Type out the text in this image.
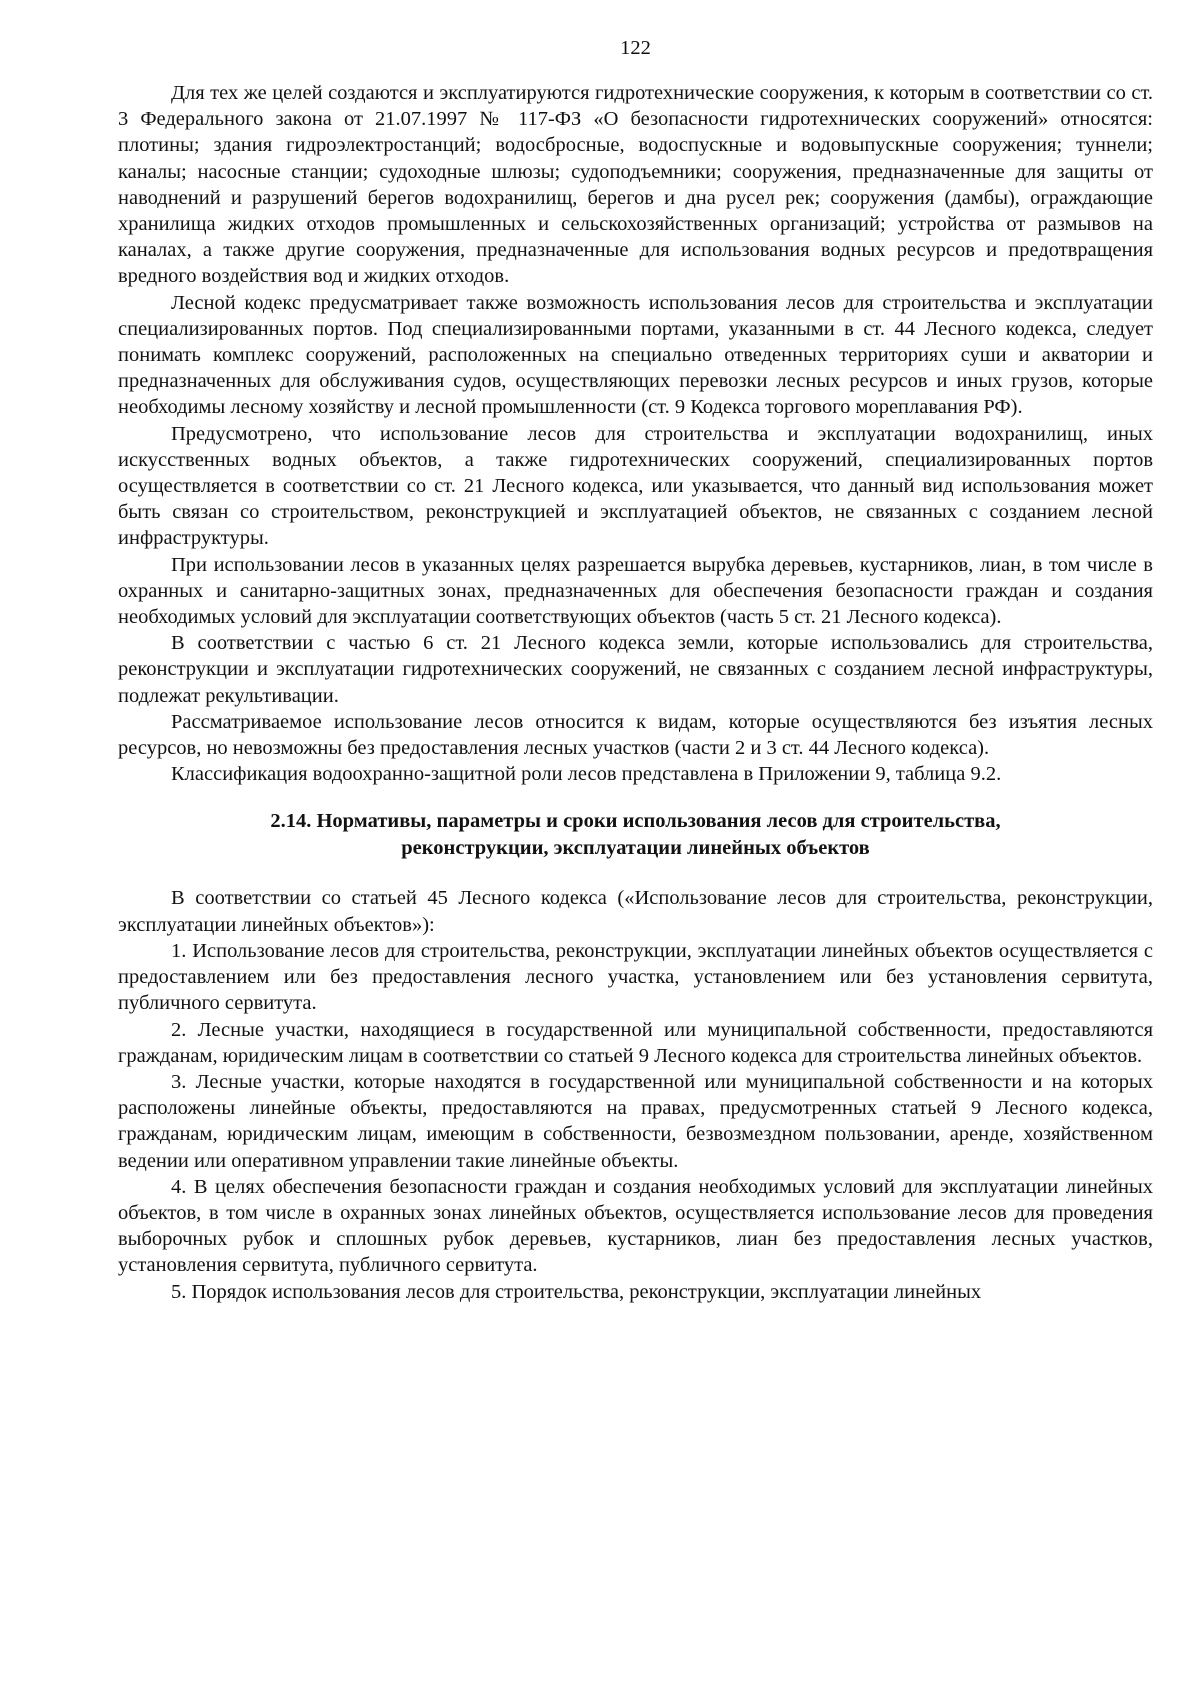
122

Для тех же целей создаются и эксплуатируются гидротехнические сооружения, к которым в соответствии со ст. 3 Федерального закона от 21.07.1997 № 117-ФЗ «О безопасности гидротехнических сооружений» относятся: плотины; здания гидроэлектростанций; водосбросные, водоспускные и водовыпускные сооружения; туннели; каналы; насосные станции; судоходные шлюзы; судоподъемники; сооружения, предназначенные для защиты от наводнений и разрушений берегов водохранилищ, берегов и дна русел рек; сооружения (дамбы), ограждающие хранилища жидких отходов промышленных и сельскохозяйственных организаций; устройства от размывов на каналах, а также другие сооружения, предназначенные для использования водных ресурсов и предотвращения вредного воздействия вод и жидких отходов.

Лесной кодекс предусматривает также возможность использования лесов для строительства и эксплуатации специализированных портов. Под специализированными портами, указанными в ст. 44 Лесного кодекса, следует понимать комплекс сооружений, расположенных на специально отведенных территориях суши и акватории и предназначенных для обслуживания судов, осуществляющих перевозки лесных ресурсов и иных грузов, которые необходимы лесному хозяйству и лесной промышленности (ст. 9 Кодекса торгового мореплавания РФ).

Предусмотрено, что использование лесов для строительства и эксплуатации водохранилищ, иных искусственных водных объектов, а также гидротехнических сооружений, специализированных портов осуществляется в соответствии со ст. 21 Лесного кодекса, или указывается, что данный вид использования может быть связан со строительством, реконструкцией и эксплуатацией объектов, не связанных с созданием лесной инфраструктуры.

При использовании лесов в указанных целях разрешается вырубка деревьев, кустарников, лиан, в том числе в охранных и санитарно-защитных зонах, предназначенных для обеспечения безопасности граждан и создания необходимых условий для эксплуатации соответствующих объектов (часть 5 ст. 21 Лесного кодекса).

В соответствии с частью 6 ст. 21 Лесного кодекса земли, которые использовались для строительства, реконструкции и эксплуатации гидротехнических сооружений, не связанных с созданием лесной инфраструктуры, подлежат рекультивации.

Рассматриваемое использование лесов относится к видам, которые осуществляются без изъятия лесных ресурсов, но невозможны без предоставления лесных участков (части 2 и 3 ст. 44 Лесного кодекса).

Классификация водоохранно-защитной роли лесов представлена в Приложении 9, таблица 9.2.

2.14. Нормативы, параметры и сроки использования лесов для строительства,
реконструкции, эксплуатации линейных объектов

В соответствии со статьей 45 Лесного кодекса («Использование лесов для строительства, реконструкции, эксплуатации линейных объектов»):

1. Использование лесов для строительства, реконструкции, эксплуатации линейных объектов осуществляется с предоставлением или без предоставления лесного участка, установлением или без установления сервитута, публичного сервитута.

2. Лесные участки, находящиеся в государственной или муниципальной собственности, предоставляются гражданам, юридическим лицам в соответствии со статьей 9 Лесного кодекса для строительства линейных объектов.

3. Лесные участки, которые находятся в государственной или муниципальной собственности и на которых расположены линейные объекты, предоставляются на правах, предусмотренных статьей 9 Лесного кодекса, гражданам, юридическим лицам, имеющим в собственности, безвозмездном пользовании, аренде, хозяйственном ведении или оперативном управлении такие линейные объекты.

4. В целях обеспечения безопасности граждан и создания необходимых условий для эксплуатации линейных объектов, в том числе в охранных зонах линейных объектов, осуществляется использование лесов для проведения выборочных рубок и сплошных рубок деревьев, кустарников, лиан без предоставления лесных участков, установления сервитута, публичного сервитута.

5. Порядок использования лесов для строительства, реконструкции, эксплуатации линейных
